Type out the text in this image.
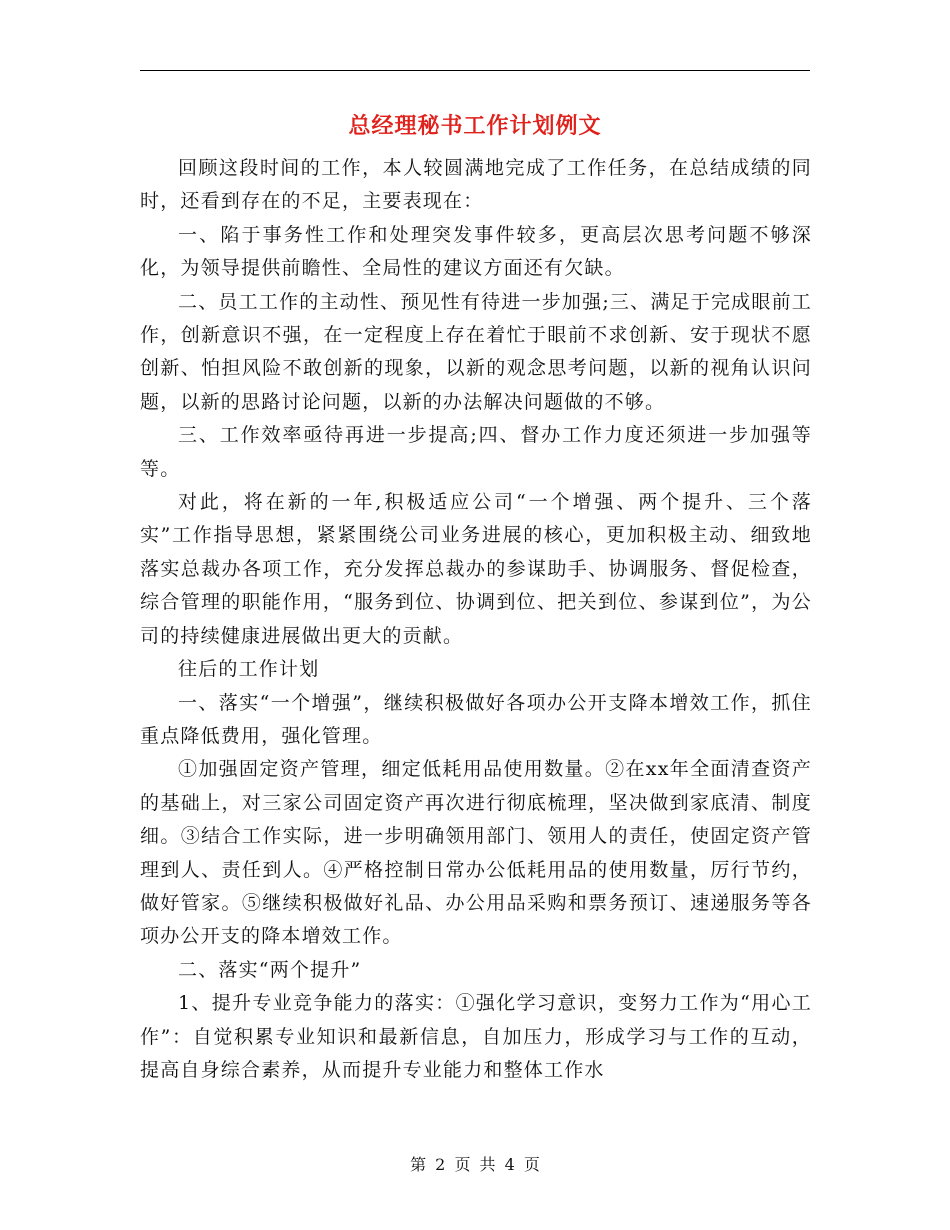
总经理秘书工作计划例文

回顾这段时间的工作，本人较圆满地完成了工作任务，在总结成绩的同时，还看到存在的不足，主要表现在：

一、陷于事务性工作和处理突发事件较多，更高层次思考问题不够深化，为领导提供前瞻性、全局性的建议方面还有欠缺。

二、员工工作的主动性、预见性有待进一步加强;三、满足于完成眼前工作，创新意识不强，在一定程度上存在着忙于眼前不求创新、安于现状不愿创新、怕担风险不敢创新的现象，以新的观念思考问题，以新的视角认识问题，以新的思路讨论问题，以新的办法解决问题做的不够。

三、工作效率亟待再进一步提高;四、督办工作力度还须进一步加强等等。

对此，将在新的一年,积极适应公司“一个增强、两个提升、三个落实”工作指导思想，紧紧围绕公司业务进展的核心，更加积极主动、细致地落实总裁办各项工作，充分发挥总裁办的参谋助手、协调服务、督促检查，综合管理的职能作用，“服务到位、协调到位、把关到位、参谋到位”，为公司的持续健康进展做出更大的贡献。

往后的工作计划

一、落实“一个增强”，继续积极做好各项办公开支降本增效工作，抓住重点降低费用，强化管理。

①加强固定资产管理，细定低耗用品使用数量。②在xx年全面清查资产的基础上，对三家公司固定资产再次进行彻底梳理，坚决做到家底清、制度细。③结合工作实际，进一步明确领用部门、领用人的责任，使固定资产管理到人、责任到人。④严格控制日常办公低耗用品的使用数量，厉行节约，做好管家。⑤继续积极做好礼品、办公用品采购和票务预订、速递服务等各项办公开支的降本增效工作。

二、落实“两个提升”

1、提升专业竞争能力的落实：①强化学习意识，变努力工作为“用心工作”：自觉积累专业知识和最新信息，自加压力，形成学习与工作的互动，提高自身综合素养，从而提升专业能力和整体工作水

第 2 页 共 4 页
